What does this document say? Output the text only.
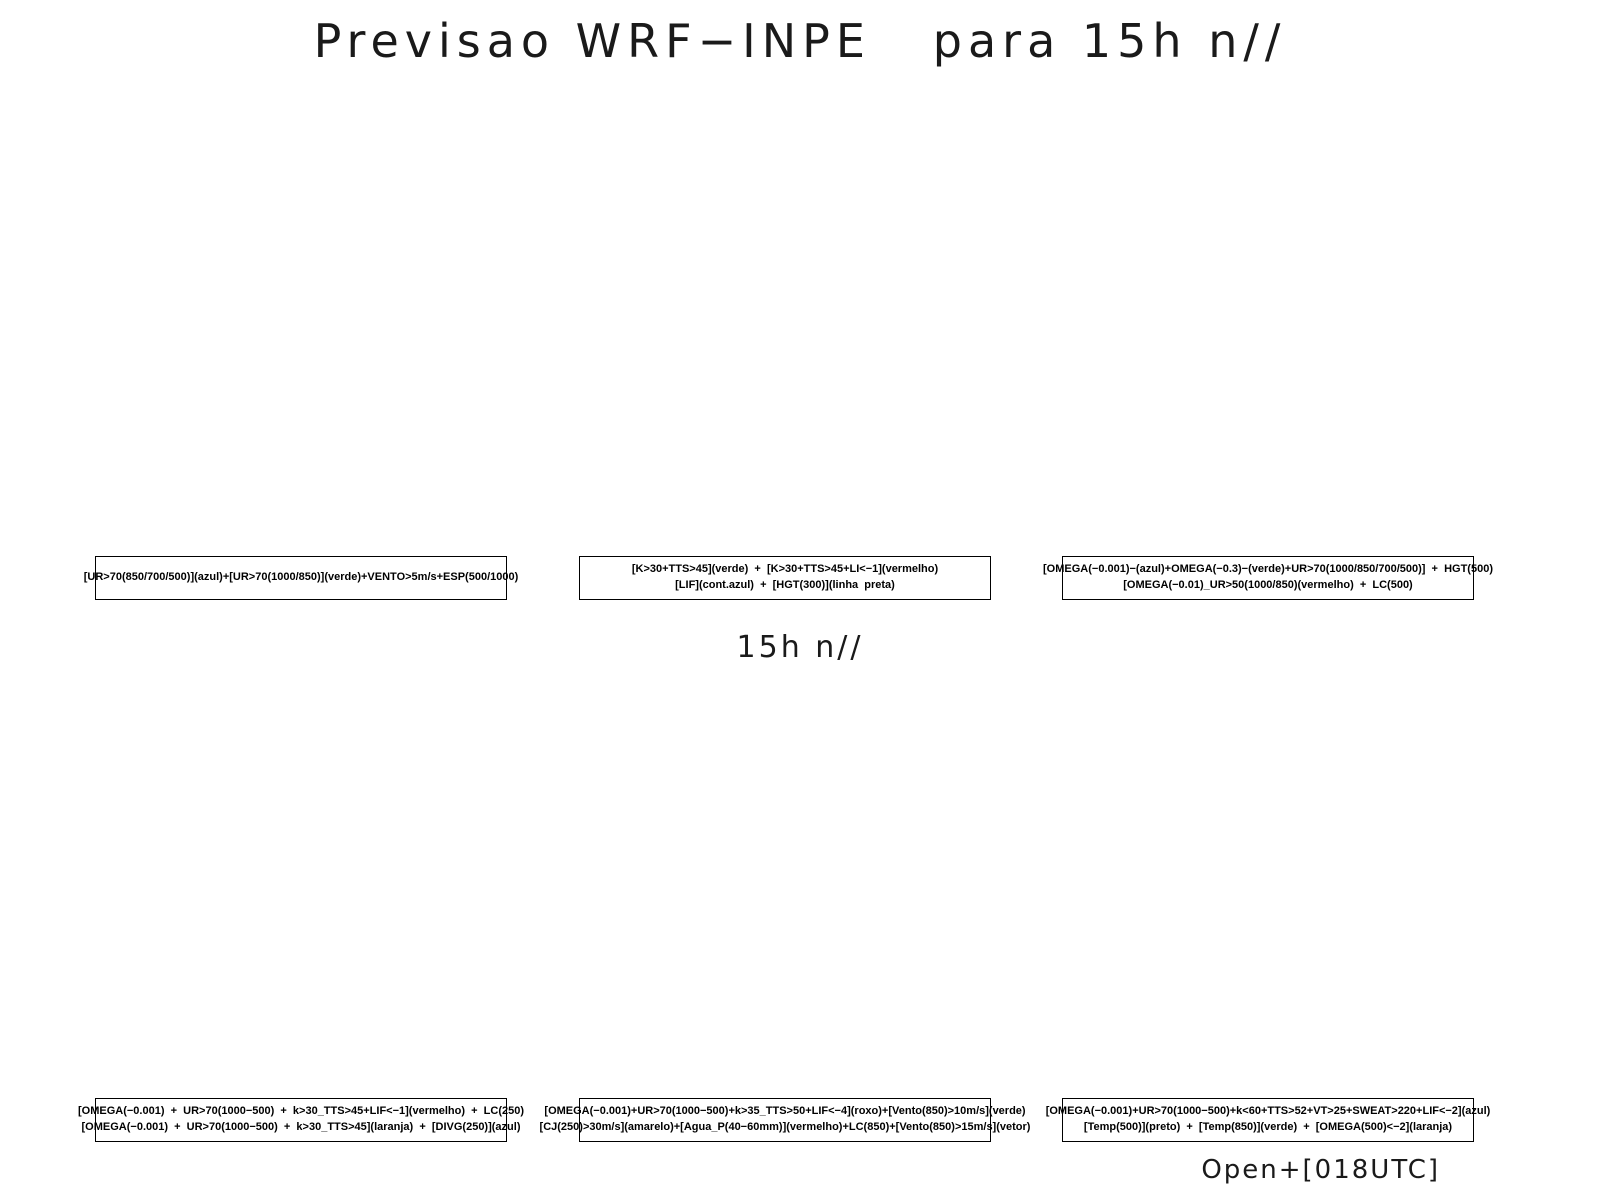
Previsao WRF−INPE   para 15h n//
[UR>70(850/700/500)](azul)+[UR>70(1000/850)](verde)+VENTO>5m/s+ESP(500/1000)
[K>30+TTS>45](verde)  +  [K>30+TTS>45+LI<−1](vermelho)
[LIF](cont.azul)  +  [HGT(300)](linha  preta)
[OMEGA(−0.001)−(azul)+OMEGA(−0.3)−(verde)+UR>70(1000/850/700/500)]  +  HGT(500)
[OMEGA(−0.01)_UR>50(1000/850)(vermelho)  +  LC(500)
15h n//
[OMEGA(−0.001)  +  UR>70(1000−500)  +  k>30_TTS>45+LIF<−1](vermelho)  +  LC(250)
[OMEGA(−0.001)  +  UR>70(1000−500)  +  k>30_TTS>45](laranja)  +  [DIVG(250)](azul)
[OMEGA(−0.001)+UR>70(1000−500)+k>35_TTS>50+LIF<−4](roxo)+[Vento(850)>10m/s](verde)
[CJ(250)>30m/s](amarelo)+[Agua_P(40−60mm)](vermelho)+LC(850)+[Vento(850)>15m/s](vetor)
[OMEGA(−0.001)+UR>70(1000−500)+k<60+TTS>52+VT>25+SWEAT>220+LIF<−2](azul)
[Temp(500)](preto)  +  [Temp(850)](verde)  +  [OMEGA(500)<−2](laranja)
Open+[018UTC]
